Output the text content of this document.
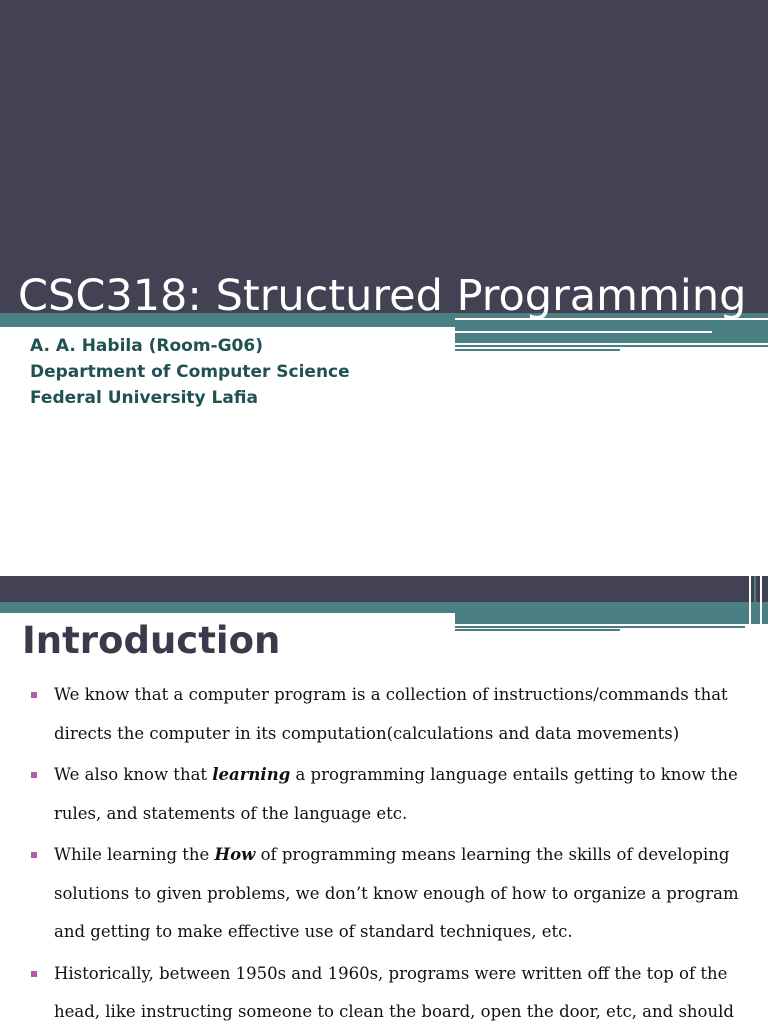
CSC318: Structured Programming
A. A. Habila (Room-G06)
Department of Computer Science
Federal University Lafia
Introduction
We know that a computer program is a collection of instructions/commands that directs the computer in its computation(calculations and data movements)
We also know that learning a programming language entails getting to know the rules, and statements of the language etc.
While learning the How of programming means learning the skills of developing solutions to given problems, we don’t know enough of how to organize a program and getting to make effective use of standard techniques, etc.
Historically, between 1950s and 1960s, programs were written off the top of the head, like instructing someone to clean the board, open the door, etc, and should
